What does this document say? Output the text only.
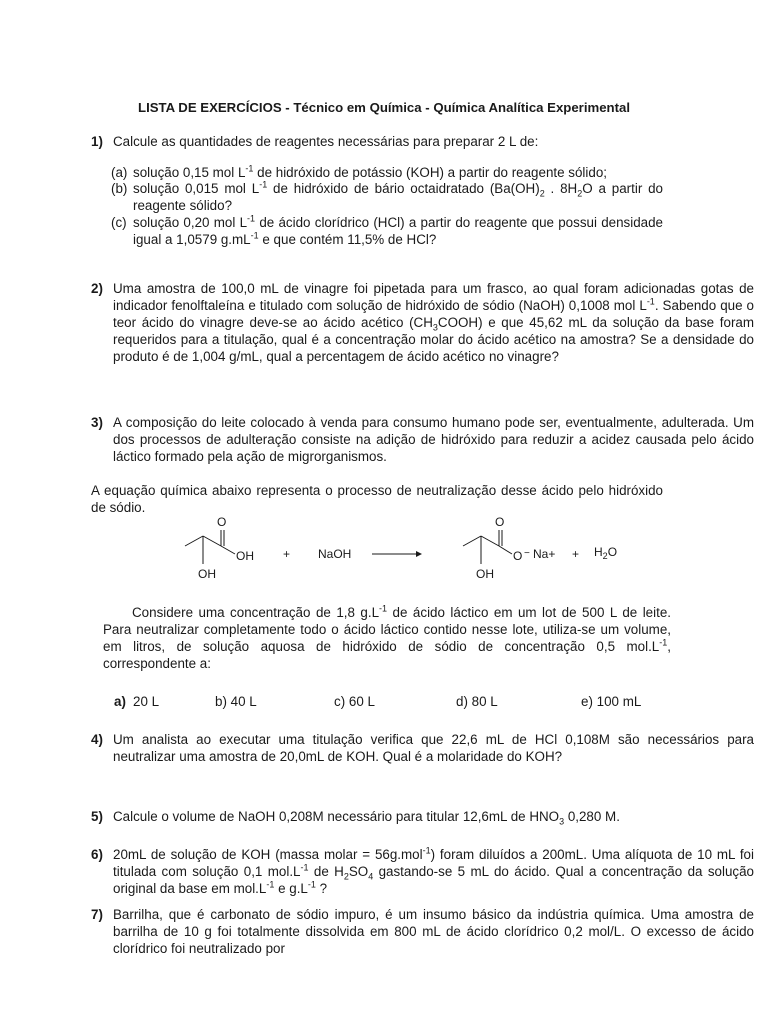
LISTA DE EXERCÍCIOS - Técnico em Química - Química Analítica Experimental
1) Calcule as quantidades de reagentes necessárias para preparar 2 L de:
(a) solução 0,15 mol $L^{-1}$ de hidróxido de potássio (KOH) a partir do reagente sólido;
(b) solução 0,015 mol $L^{-1}$ de hidróxido de bário octaidratado ($Ba(OH)_2$ . $8H_2O$ a partir do reagente sólido?
(c) solução 0,20 mol $L^{-1}$ de ácido clorídrico (HCl) a partir do reagente que possui densidade igual a 1,0579 $g.mL^{-1}$ e que contém 11,5% de HCl?
2) Uma amostra de 100,0 mL de vinagre foi pipetada para um frasco, ao qual foram adicionadas gotas de indicador fenolftaleína e titulado com solução de hidróxido de sódio (NaOH) 0,1008 mol $L^{-1}$. Sabendo que o teor ácido do vinagre deve-se ao ácido acético $(CH_3COOH)$ e que 45,62 mL da solução da base foram requeridos para a titulação, qual é a concentração molar do ácido acético na amostra? Se a densidade do produto é de 1,004 g/mL, qual a percentagem de ácido acético no vinagre?
3) A composição do leite colocado à venda para consumo humano pode ser, eventualmente, adulterada. Um dos processos de adulteração consiste na adição de hidróxido para reduzir a acidez causada pelo ácido láctico formado pela ação de migrorganismos.
A equação química abaixo representa o processo de neutralização desse ácido pelo hidróxido de sódio.
O
OH
OH
+ NaOH
O
O − Na+
OH
+ $H_2O$
Considere uma concentração de 1,8 $g.L^{-1}$ de ácido láctico em um lot de 500 L de leite. Para neutralizar completamente todo o ácido láctico contido nesse lote, utiliza-se um volume, em litros, de solução aquosa de hidróxido de sódio de concentração 0,5 $mol.L^{-1}$, correspondente a:
a) 20 L	b) 40 L	c) 60 L	d) 80 L	e) 100 mL
4) Um analista ao executar uma titulação verifica que 22,6 mL de HCl 0,108M são necessários para neutralizar uma amostra de 20,0mL de KOH. Qual é a molaridade do KOH?
5) Calcule o volume de NaOH 0,208M necessário para titular 12,6mL de $HNO_3$ 0,280 M.
6) 20mL de solução de KOH (massa molar = 56g.mol$^{-1}$) foram diluídos a 200mL. Uma alíquota de 10 mL foi titulada com solução 0,1 $mol.L^{-1}$ de $H_2SO_4$ gastando-se 5 mL do ácido. Qual a concentração da solução original da base em $mol.L^{-1}$ e $g.L^{-1}$ ?
7) Barrilha, que é carbonato de sódio impuro, é um insumo básico da indústria química. Uma amostra de barrilha de 10 g foi totalmente dissolvida em 800 mL de ácido clorídrico 0,2 mol/L. O excesso de ácido clorídrico foi neutralizado por
